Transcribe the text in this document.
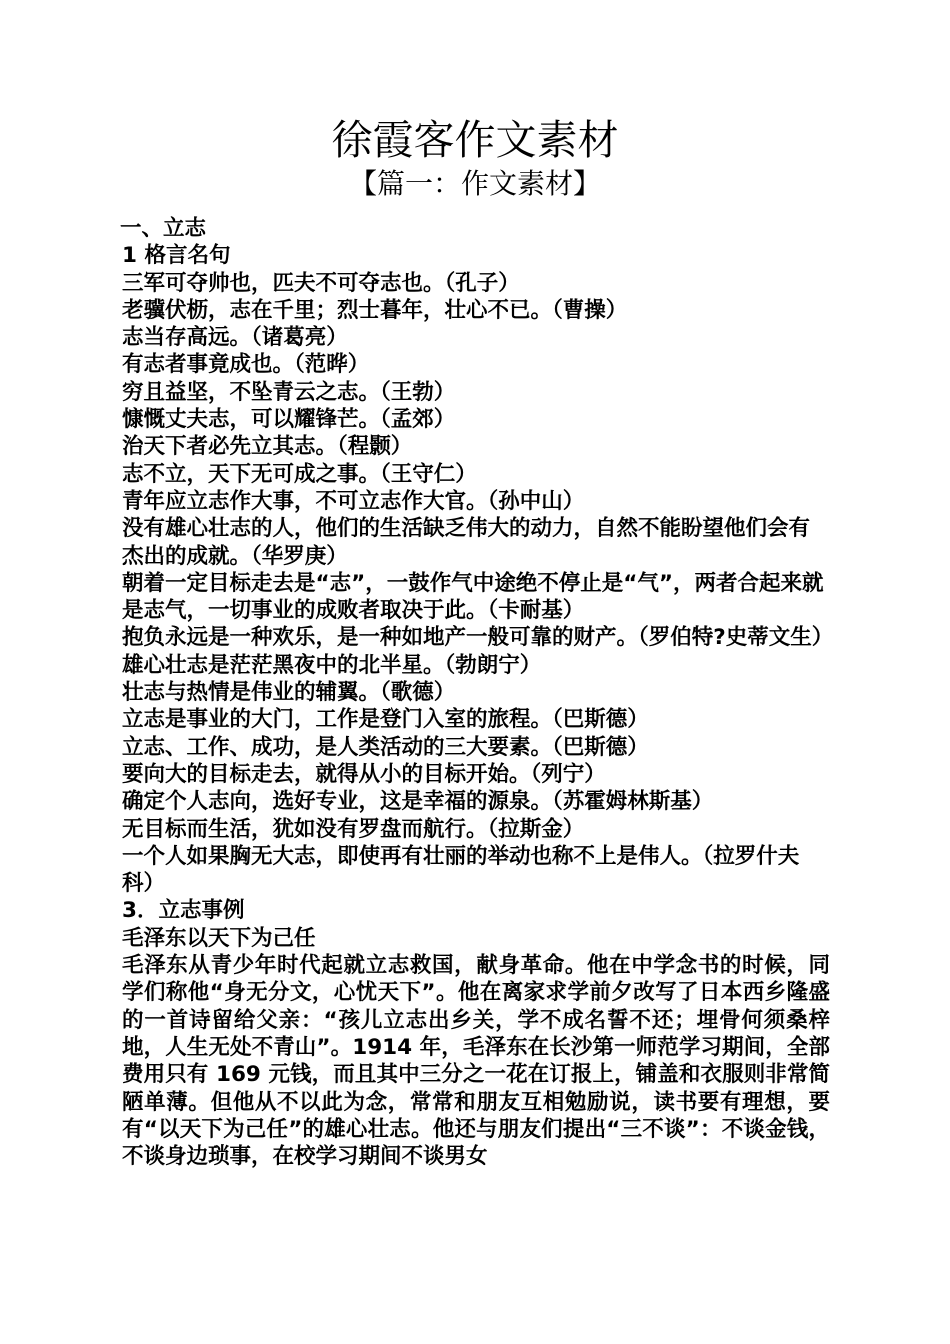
徐霞客作文素材
【篇一：作文素材】

一、立志

1 格言名句

三军可夺帅也，匹夫不可夺志也。（孔子）

老骥伏枥，志在千里；烈士暮年，壮心不已。（曹操）

志当存高远。（诸葛亮）

有志者事竟成也。（范晔）

穷且益坚，不坠青云之志。（王勃）

慷慨丈夫志，可以耀锋芒。（孟郊）

治天下者必先立其志。（程颢）

志不立，天下无可成之事。（王守仁）

青年应立志作大事，不可立志作大官。（孙中山）

没有雄心壮志的人，他们的生活缺乏伟大的动力，自然不能盼望他们会有杰出的成就。（华罗庚）

朝着一定目标走去是“志”，一鼓作气中途绝不停止是“气”，两者合起来就是志气，一切事业的成败者取决于此。（卡耐基）

抱负永远是一种欢乐，是一种如地产一般可靠的财产。（罗伯特?史蒂文生）

雄心壮志是茫茫黑夜中的北半星。（勃朗宁）

壮志与热情是伟业的辅翼。（歌德）

立志是事业的大门，工作是登门入室的旅程。（巴斯德）

立志、工作、成功，是人类活动的三大要素。（巴斯德）

要向大的目标走去，就得从小的目标开始。（列宁）

确定个人志向，选好专业，这是幸福的源泉。（苏霍姆林斯基）

无目标而生活，犹如没有罗盘而航行。（拉斯金）

一个人如果胸无大志，即使再有壮丽的举动也称不上是伟人。（拉罗什夫科）

3．立志事例

毛泽东以天下为己任

毛泽东从青少年时代起就立志救国，献身革命。他在中学念书的时候，同学们称他“身无分文，心忧天下”。他在离家求学前夕改写了日本西乡隆盛的一首诗留给父亲：“孩儿立志出乡关，学不成名誓不还；埋骨何须桑梓地，人生无处不青山”。1914 年，毛泽东在长沙第一师范学习期间，全部费用只有 169 元钱，而且其中三分之一花在订报上，铺盖和衣服则非常简陋单薄。但他从不以此为念，常常和朋友互相勉励说，读书要有理想，要有“以天下为己任”的雄心壮志。他还与朋友们提出“三不谈”：不谈金钱，不谈身边琐事，在校学习期间不谈男女
